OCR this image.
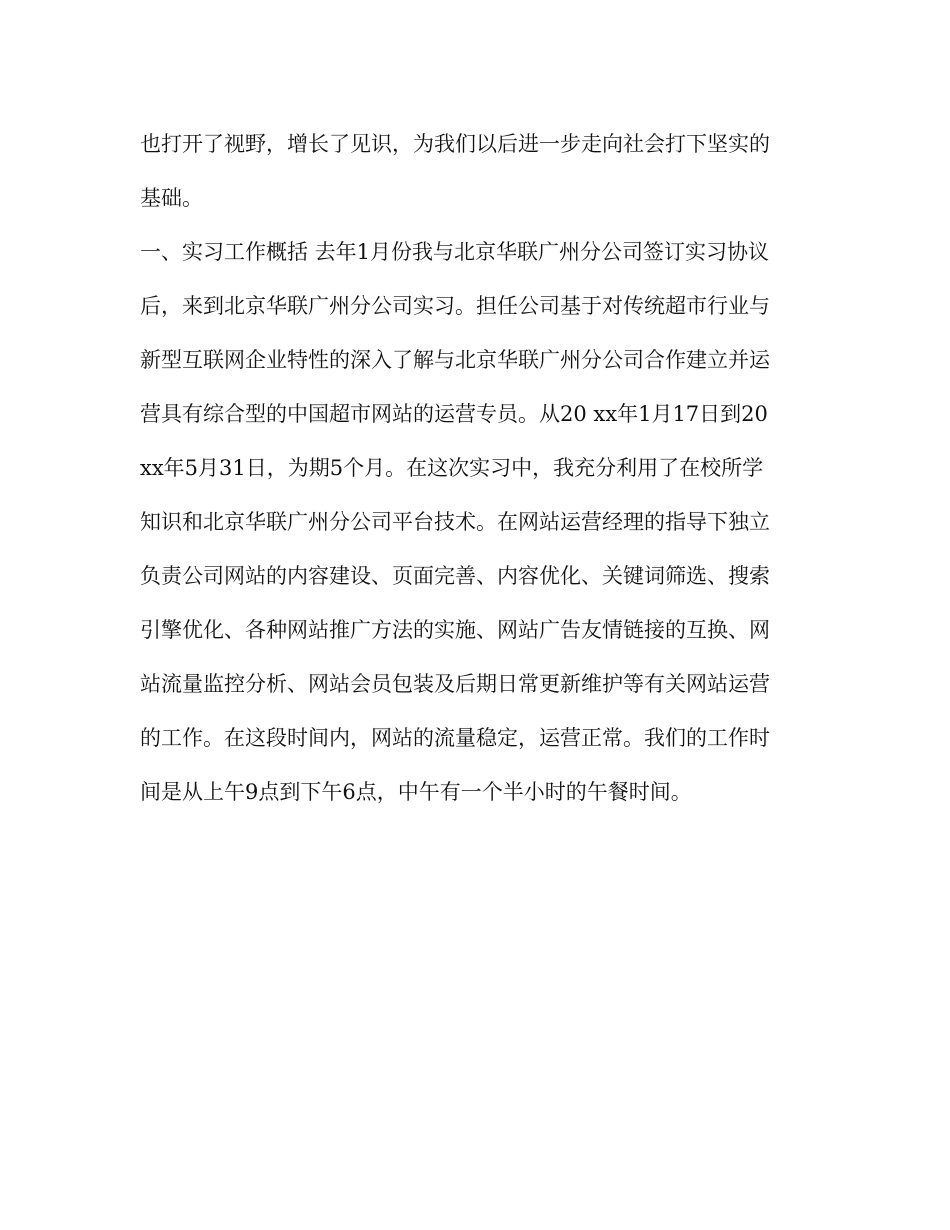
也打开了视野，增长了见识，为我们以后进一步走向社会打下坚实的
基础。
一、实习工作概括 去年1月份我与北京华联广州分公司签订实习协议
后，来到北京华联广州分公司实习。担任公司基于对传统超市行业与
新型互联网企业特性的深入了解与北京华联广州分公司合作建立并运
营具有综合型的中国超市网站的运营专员。从20 xx年1月17日到20
xx年5月31日，为期5个月。在这次实习中，我充分利用了在校所学
知识和北京华联广州分公司平台技术。在网站运营经理的指导下独立
负责公司网站的内容建设、页面完善、内容优化、关键词筛选、搜索
引擎优化、各种网站推广方法的实施、网站广告友情链接的互换、网
站流量监控分析、网站会员包装及后期日常更新维护等有关网站运营
的工作。在这段时间内，网站的流量稳定，运营正常。我们的工作时
间是从上午9点到下午6点，中午有一个半小时的午餐时间。
